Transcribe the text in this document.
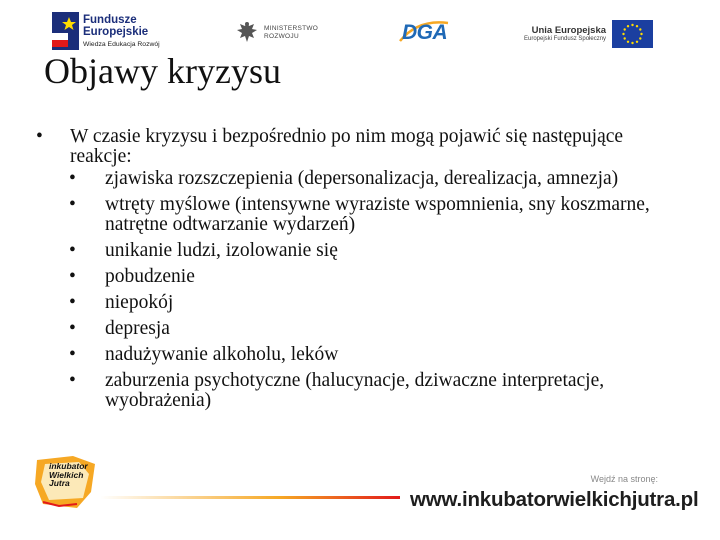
Fundusze
Europejskie
Wiedza Edukacja Rozwój
MINISTERSTWO
ROZWOJU	DGA	Unia Europejska
Europejski Fundusz Społeczny
Objawy kryzysu
•	W czasie kryzysu i bezpośrednio po nim mogą pojawić się następujące reakcje:
•	zjawiska rozszczepienia (depersonalizacja, derealizacja, amnezja)
•	wtręty myślowe (intensywne wyraziste wspomnienia, sny koszmarne, natrętne odtwarzanie wydarzeń)
•	unikanie ludzi, izolowanie się
•	pobudzenie
•	niepokój
•	depresja
•	nadużywanie alkoholu, leków
•	zaburzenia psychotyczne (halucynacje, dziwaczne interpretacje, wyobrażenia)
inkubator
Wielkich
Jutra	Wejdź na stronę:
www.inkubatorwielkichjutra.pl
